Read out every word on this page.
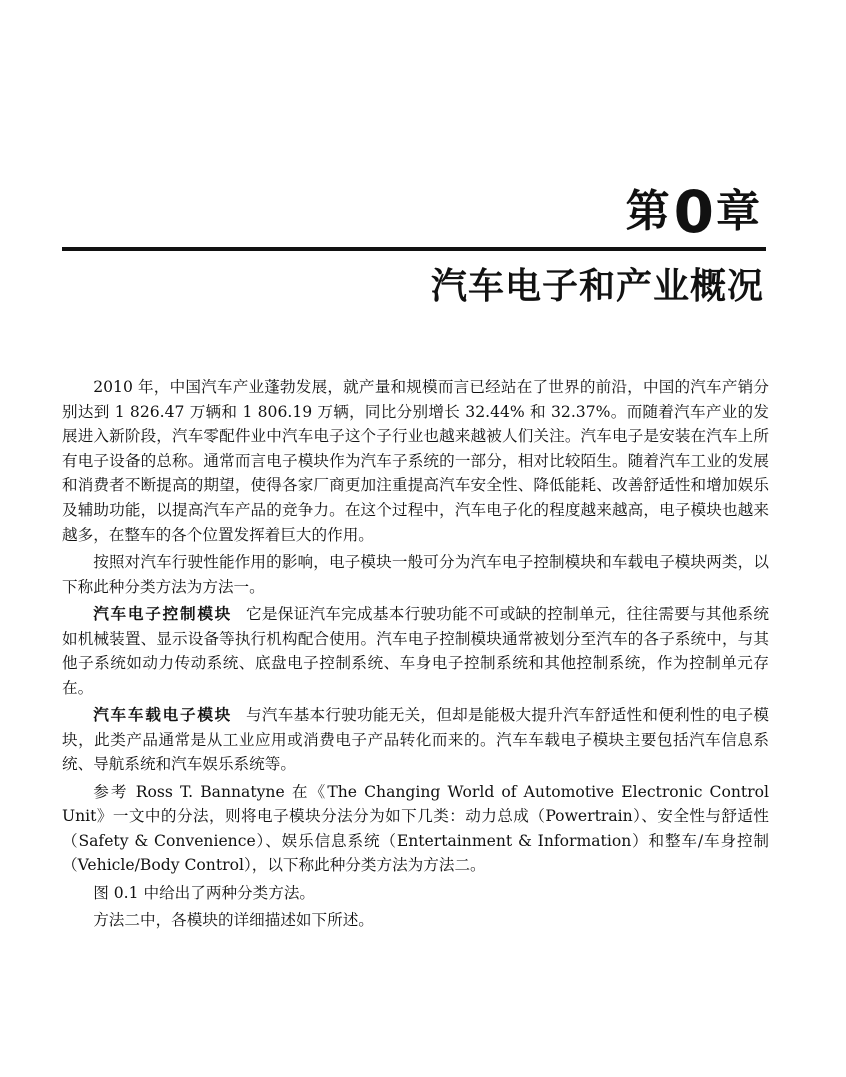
第 0 章
汽车电子和产业概况

2010 年，中国汽车产业蓬勃发展，就产量和规模而言已经站在了世界的前沿，中国的汽车产销分别达到 1 826.47 万辆和 1 806.19 万辆，同比分别增长 32.44% 和 32.37%。而随着汽车产业的发展进入新阶段，汽车零配件业中汽车电子这个子行业也越来越被人们关注。汽车电子是安装在汽车上所有电子设备的总称。通常而言电子模块作为汽车子系统的一部分，相对比较陌生。随着汽车工业的发展和消费者不断提高的期望，使得各家厂商更加注重提高汽车安全性、降低能耗、改善舒适性和增加娱乐及辅助功能，以提高汽车产品的竞争力。在这个过程中，汽车电子化的程度越来越高，电子模块也越来越多，在整车的各个位置发挥着巨大的作用。

按照对汽车行驶性能作用的影响，电子模块一般可分为汽车电子控制模块和车载电子模块两类，以下称此种分类方法为方法一。

汽车电子控制模块 它是保证汽车完成基本行驶功能不可或缺的控制单元，往往需要与其他系统如机械装置、显示设备等执行机构配合使用。汽车电子控制模块通常被划分至汽车的各子系统中，与其他子系统如动力传动系统、底盘电子控制系统、车身电子控制系统和其他控制系统，作为控制单元存在。

汽车车载电子模块 与汽车基本行驶功能无关，但却是能极大提升汽车舒适性和便利性的电子模块，此类产品通常是从工业应用或消费电子产品转化而来的。汽车车载电子模块主要包括汽车信息系统、导航系统和汽车娱乐系统等。

参考 Ross T. Bannatyne 在《The Changing World of Automotive Electronic Control Unit》一文中的分法，则将电子模块分法分为如下几类：动力总成（Powertrain）、安全性与舒适性（Safety & Convenience）、娱乐信息系统（Entertainment & Information）和整车/车身控制（Vehicle/Body Control），以下称此种分类方法为方法二。

图 0.1 中给出了两种分类方法。

方法二中，各模块的详细描述如下所述。
